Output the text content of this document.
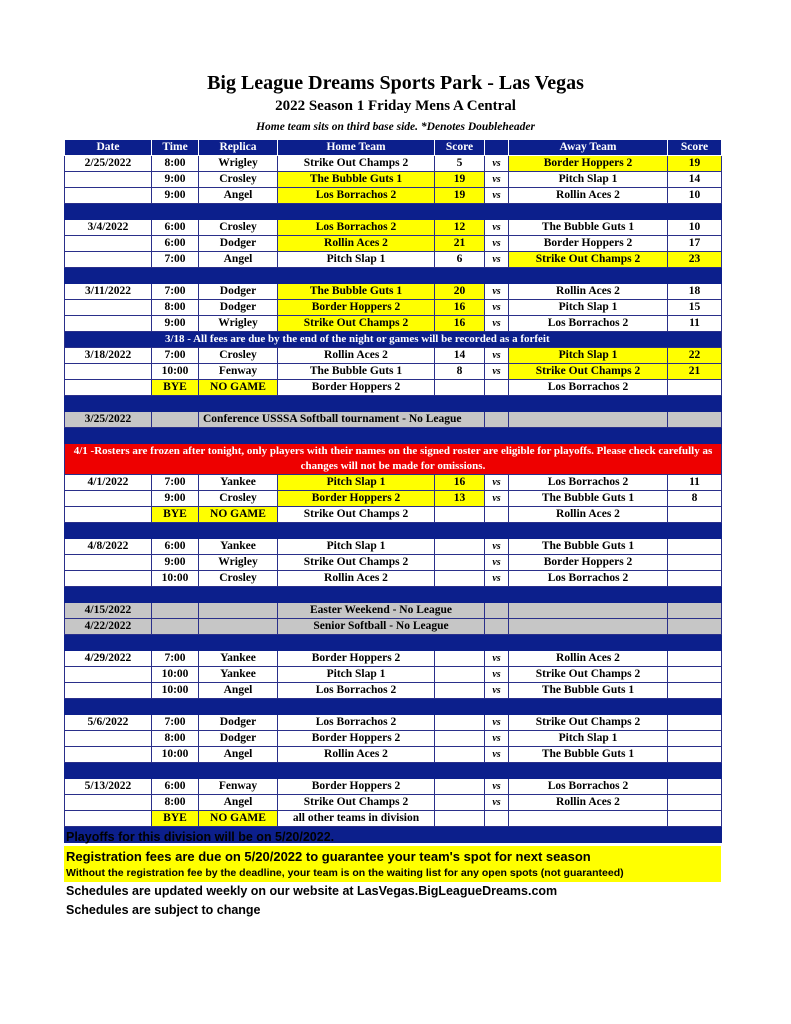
Big League Dreams Sports Park - Las Vegas
2022 Season 1 Friday Mens A Central
Home team sits on third base side. *Denotes Doubleheader
Date	Time	Replica	Home Team	Score		Away Team	Score
2/25/2022	8:00	Wrigley	Strike Out Champs 2	5	vs	Border Hoppers 2	19
	9:00	Crosley	The Bubble Guts 1	19	vs	Pitch Slap 1	14
	9:00	Angel	Los Borrachos 2	19	vs	Rollin Aces 2	10

3/4/2022	6:00	Crosley	Los Borrachos 2	12	vs	The Bubble Guts 1	10
	6:00	Dodger	Rollin Aces 2	21	vs	Border Hoppers 2	17
	7:00	Angel	Pitch Slap 1	6	vs	Strike Out Champs 2	23

3/11/2022	7:00	Dodger	The Bubble Guts 1	20	vs	Rollin Aces 2	18
	8:00	Dodger	Border Hoppers 2	16	vs	Pitch Slap 1	15
	9:00	Wrigley	Strike Out Champs 2	16	vs	Los Borrachos 2	11
3/18 - All fees are due by the end of the night or games will be recorded as a forfeit							
3/18/2022	7:00	Crosley	Rollin Aces 2	14	vs	Pitch Slap 1	22
	10:00	Fenway	The Bubble Guts 1	8	vs	Strike Out Champs 2	21
	BYE	NO GAME	Border Hoppers 2			Los Borrachos 2	

3/25/2022		Conference USSSA Softball tournament - No League					

4/1 -Rosters are frozen after tonight, only players with their names on the signed roster are eligible for playoffs. Please check carefully as changes will not be made for omissions.							
4/1/2022	7:00	Yankee	Pitch Slap 1	16	vs	Los Borrachos 2	11
	9:00	Crosley	Border Hoppers 2	13	vs	The Bubble Guts 1	8
	BYE	NO GAME	Strike Out Champs 2			Rollin Aces 2	

4/8/2022	6:00	Yankee	Pitch Slap 1		vs	The Bubble Guts 1	
	9:00	Wrigley	Strike Out Champs 2		vs	Border Hoppers 2	
	10:00	Crosley	Rollin Aces 2		vs	Los Borrachos 2	

4/15/2022			Easter Weekend - No League				
4/22/2022			Senior Softball - No League				

4/29/2022	7:00	Yankee	Border Hoppers 2		vs	Rollin Aces 2	
	10:00	Yankee	Pitch Slap 1		vs	Strike Out Champs 2	
	10:00	Angel	Los Borrachos 2		vs	The Bubble Guts 1	

5/6/2022	7:00	Dodger	Los Borrachos 2		vs	Strike Out Champs 2	
	8:00	Dodger	Border Hoppers 2		vs	Pitch Slap 1	
	10:00	Angel	Rollin Aces 2		vs	The Bubble Guts 1	

5/13/2022	6:00	Fenway	Border Hoppers 2		vs	Los Borrachos 2	
	8:00	Angel	Strike Out Champs 2		vs	Rollin Aces 2	
	BYE	NO GAME	all other teams in division				

Playoffs for this division will be on 5/20/2022.
Registration fees are due on 5/20/2022 to guarantee your team's spot for next season
Without the registration fee by the deadline, your team is on the waiting list for any open spots (not guaranteed)
Schedules are updated weekly on our website at LasVegas.BigLeagueDreams.com
Schedules are subject to change
